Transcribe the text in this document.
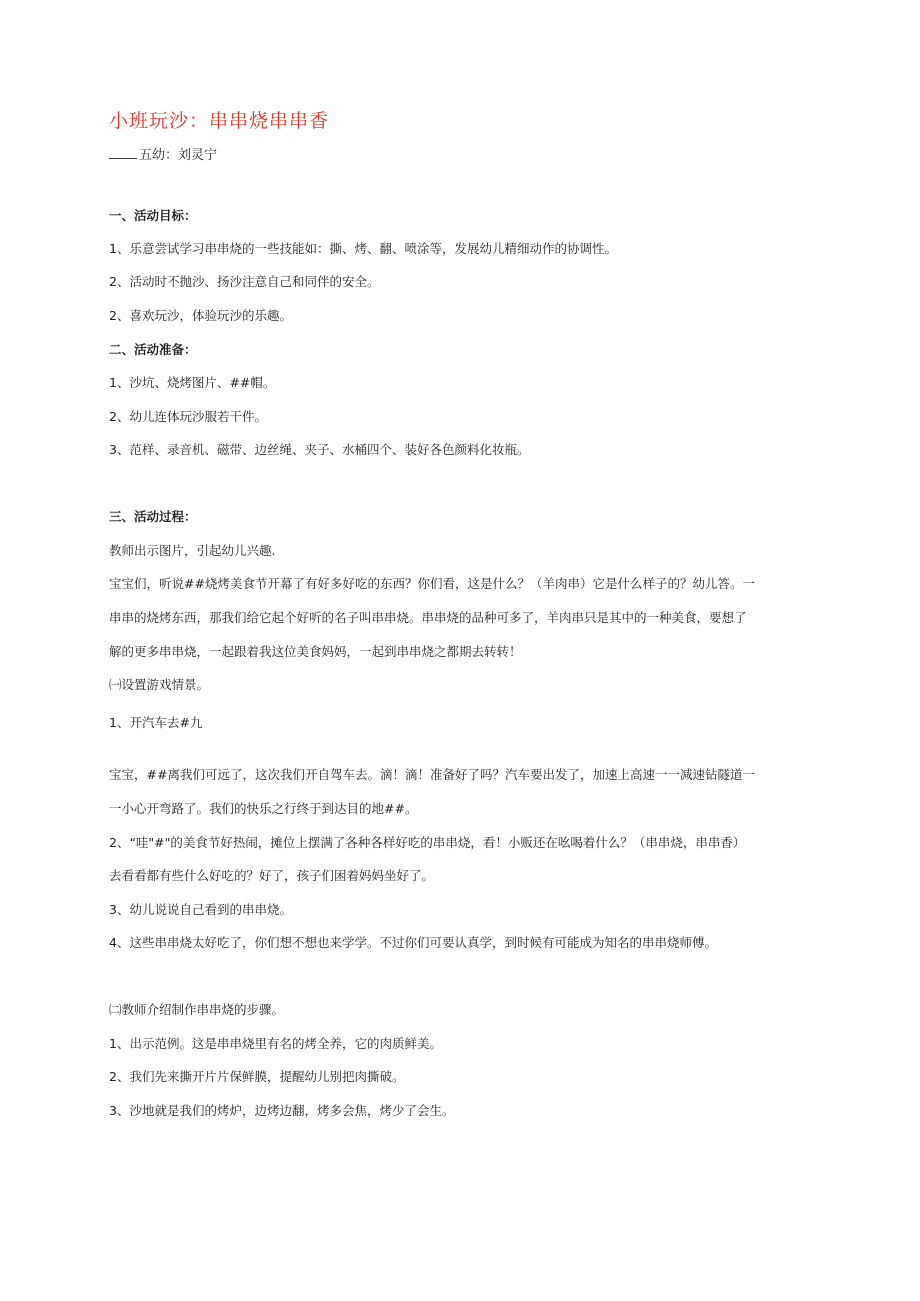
小班玩沙：串串烧串串香
五幼：刘灵宁
一、活动目标：
1、乐意尝试学习串串烧的一些技能如：撕、烤、翻、喷涂等，发展幼儿精细动作的协调性。
2、活动时不抛沙、扬沙注意自己和同伴的安全。
2、喜欢玩沙，体验玩沙的乐趣。
二、活动准备：
1、沙坑、烧烤图片、##帽。
2、幼儿连体玩沙服若干件。
3、范样、录音机、磁带、边丝绳、夹子、水桶四个、装好各色颜料化妆瓶。
三、活动过程：
教师出示图片，引起幼儿兴趣.
宝宝们，听说##烧烤美食节开幕了有好多好吃的东西？你们看，这是什么？（羊肉串）它是什么样子的？幼儿答。一
串串的烧烤东西，那我们给它起个好听的名子叫串串烧。串串烧的品种可多了，羊肉串只是其中的一种美食，要想了
解的更多串串烧，一起跟着我这位美食妈妈，一起到串串烧之都期去转转！
㈠设置游戏情景。
1、开汽车去#九
宝宝，##离我们可远了，这次我们开自驾车去。滴！滴！准备好了吗？汽车要出发了，加速上高速一一减速钻隧道一
一小心开弯路了。我们的快乐之行终于到达目的地##。
2、“哇"#"的美食节好热闹，摊位上摆满了各种各样好吃的串串烧，看！小贩还在吆喝着什么？（串串烧，串串香）
去看看都有些什么好吃的？好了，孩子们困着妈妈坐好了。
3、幼儿说说自己看到的串串烧。
4、这些串串烧太好吃了，你们想不想也来学学。不过你们可要认真学，到时候有可能成为知名的串串烧师傅。
㈡教师介绍制作串串烧的步骤。
1、出示范例。这是串串烧里有名的烤全养，它的肉质鲜美。
2、我们先来撕开片片保鲜膜，提醒幼儿别把肉撕破。
3、沙地就是我们的烤炉，边烤边翻，烤多会焦，烤少了会生。
